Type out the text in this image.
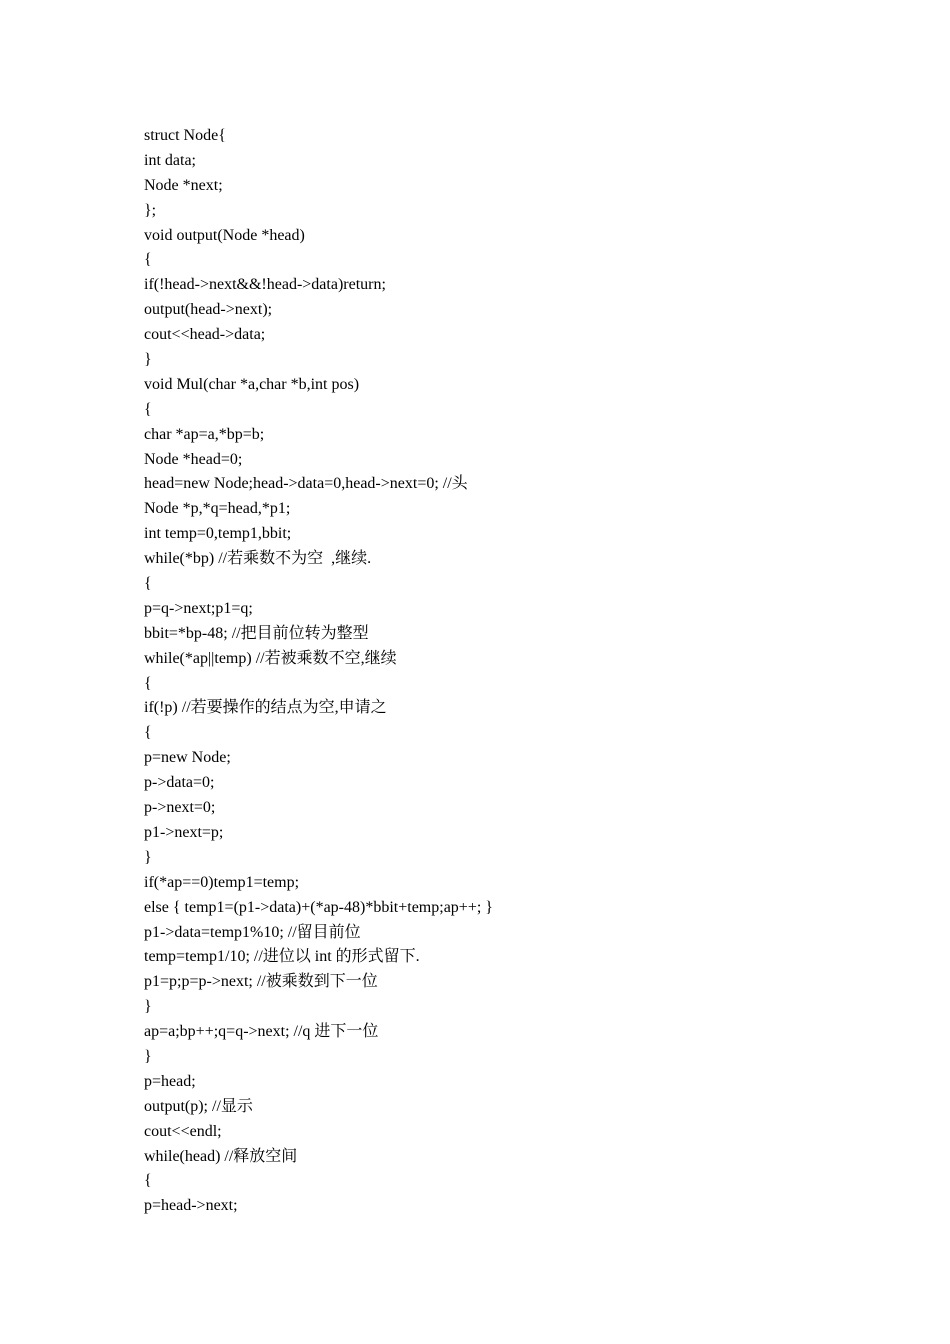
struct Node{
int data;
Node *next;
};
void output(Node *head)
{
if(!head->next&&!head->data)return;
output(head->next);
cout<<head->data;
}
void Mul(char *a,char *b,int pos)
{
char *ap=a,*bp=b;
Node *head=0;
head=new Node;head->data=0,head->next=0; //头
Node *p,*q=head,*p1;
int temp=0,temp1,bbit;
while(*bp) //若乘数不为空  ,继续.
{
p=q->next;p1=q;
bbit=*bp-48; //把目前位转为整型
while(*ap||temp) //若被乘数不空,继续
{
if(!p) //若要操作的结点为空,申请之
{
p=new Node;
p->data=0;
p->next=0;
p1->next=p;
}
if(*ap==0)temp1=temp;
else { temp1=(p1->data)+(*ap-48)*bbit+temp;ap++; }
p1->data=temp1%10; //留目前位
temp=temp1/10; //进位以 int 的形式留下.
p1=p;p=p->next; //被乘数到下一位
}
ap=a;bp++;q=q->next; //q 进下一位
}
p=head;
output(p); //显示
cout<<endl;
while(head) //释放空间
{
p=head->next;
